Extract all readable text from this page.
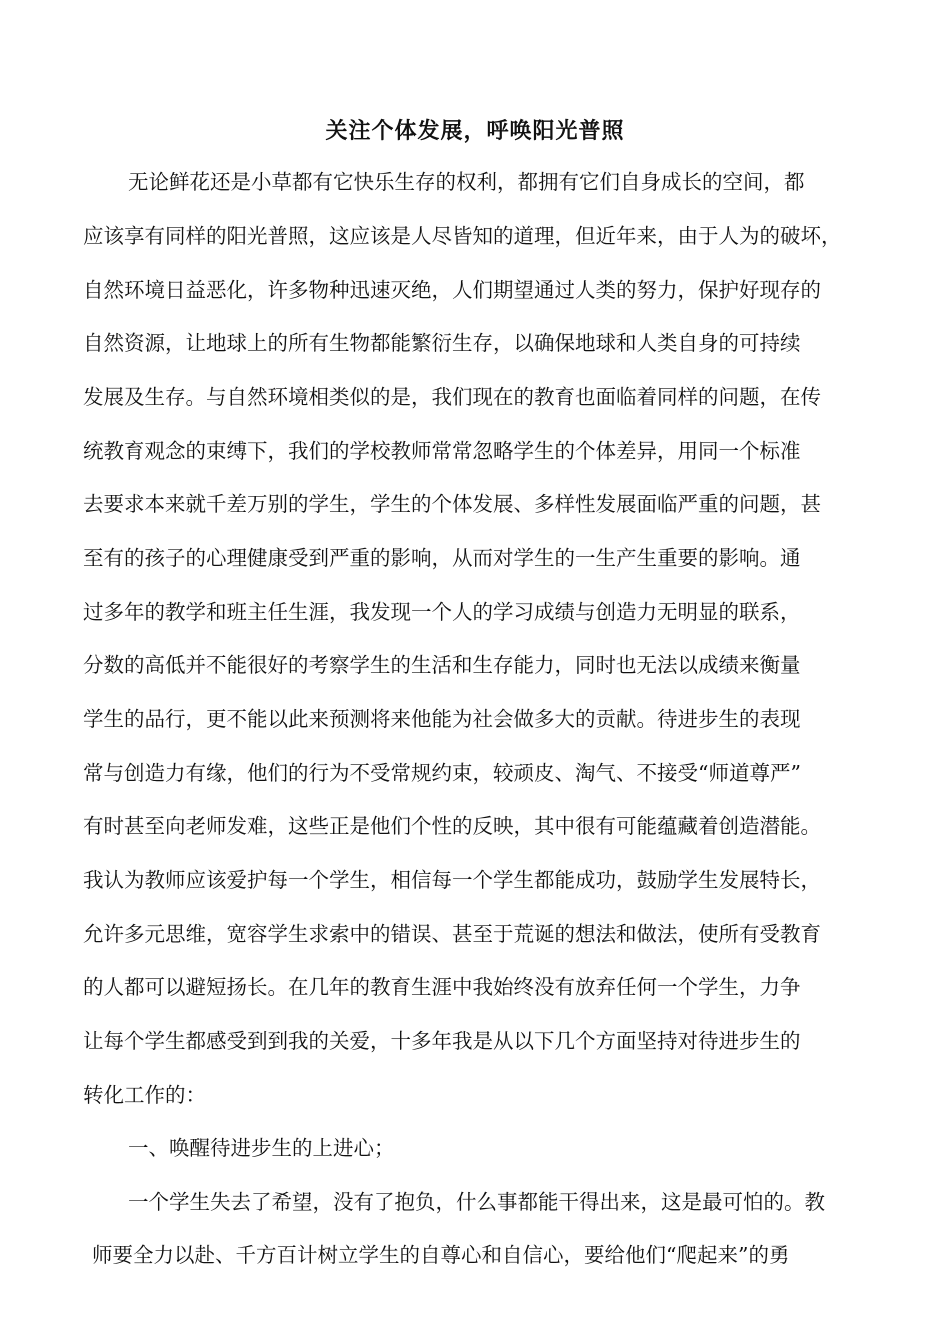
关注个体发展，呼唤阳光普照
无论鲜花还是小草都有它快乐生存的权利，都拥有它们自身成长的空间，都
应该享有同样的阳光普照，这应该是人尽皆知的道理，但近年来，由于人为的破坏，
自然环境日益恶化，许多物种迅速灭绝，人们期望通过人类的努力，保护好现存的
自然资源，让地球上的所有生物都能繁衍生存，以确保地球和人类自身的可持续
发展及生存。与自然环境相类似的是，我们现在的教育也面临着同样的问题，在传
统教育观念的束缚下，我们的学校教师常常忽略学生的个体差异，用同一个标准
去要求本来就千差万别的学生，学生的个体发展、多样性发展面临严重的问题，甚
至有的孩子的心理健康受到严重的影响，从而对学生的一生产生重要的影响。通
过多年的教学和班主任生涯，我发现一个人的学习成绩与创造力无明显的联系，
分数的高低并不能很好的考察学生的生活和生存能力，同时也无法以成绩来衡量
学生的品行，更不能以此来预测将来他能为社会做多大的贡献。待进步生的表现
常与创造力有缘，他们的行为不受常规约束，较顽皮、淘气、不接受“师道尊严”
有时甚至向老师发难，这些正是他们个性的反映，其中很有可能蕴藏着创造潜能。
我认为教师应该爱护每一个学生，相信每一个学生都能成功，鼓励学生发展特长，
允许多元思维，宽容学生求索中的错误、甚至于荒诞的想法和做法，使所有受教育
的人都可以避短扬长。在几年的教育生涯中我始终没有放弃任何一个学生，力争
让每个学生都感受到到我的关爱，十多年我是从以下几个方面坚持对待进步生的
转化工作的：
一、唤醒待进步生的上进心；
一个学生失去了希望，没有了抱负，什么事都能干得出来，这是最可怕的。教
师要全力以赴、千方百计树立学生的自尊心和自信心，要给他们“爬起来”的勇
